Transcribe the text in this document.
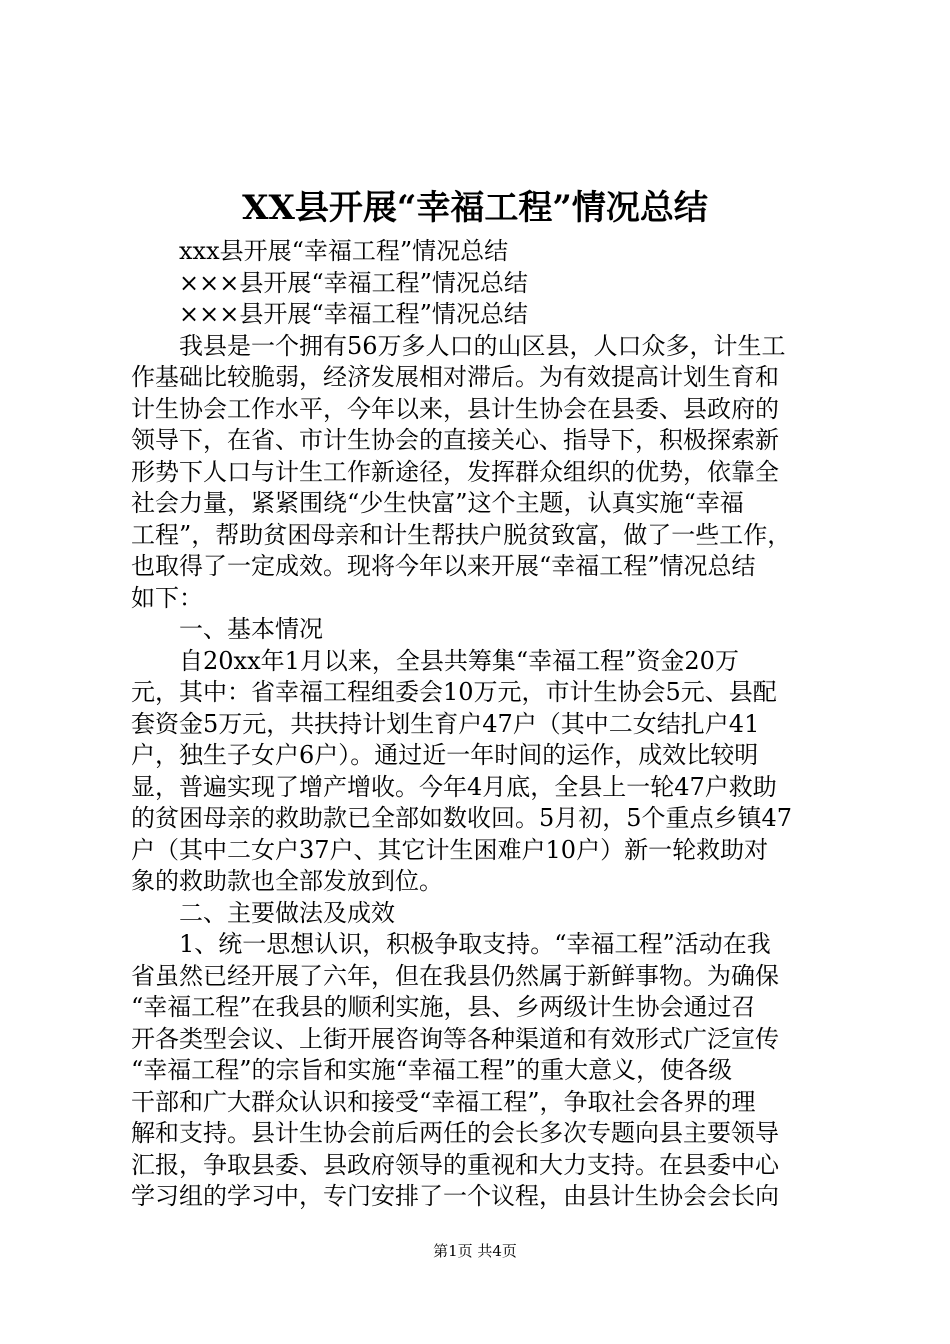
XX县开展“幸福工程”情况总结
　　xxx县开展“幸福工程”情况总结
　　×××县开展“幸福工程”情况总结
　　×××县开展“幸福工程”情况总结
　　我县是一个拥有56万多人口的山区县，人口众多，计生工
作基础比较脆弱，经济发展相对滞后。为有效提高计划生育和
计生协会工作水平，今年以来，县计生协会在县委、县政府的
领导下，在省、市计生协会的直接关心、指导下，积极探索新
形势下人口与计生工作新途径，发挥群众组织的优势，依靠全
社会力量，紧紧围绕“少生快富”这个主题，认真实施“幸福
工程”，帮助贫困母亲和计生帮扶户脱贫致富，做了一些工作，
也取得了一定成效。现将今年以来开展“幸福工程”情况总结
如下：
　　一、基本情况
　　自20xx年1月以来，全县共筹集“幸福工程”资金20万
元，其中：省幸福工程组委会10万元，市计生协会5元、县配
套资金5万元，共扶持计划生育户47户（其中二女结扎户41
户，独生子女户6户）。通过近一年时间的运作，成效比较明
显，普遍实现了增产增收。今年4月底，全县上一轮47户救助
的贫困母亲的救助款已全部如数收回。5月初，5个重点乡镇47
户（其中二女户37户、其它计生困难户10户）新一轮救助对
象的救助款也全部发放到位。
　　二、主要做法及成效
　　1、统一思想认识，积极争取支持。“幸福工程”活动在我
省虽然已经开展了六年，但在我县仍然属于新鲜事物。为确保
“幸福工程”在我县的顺利实施，县、乡两级计生协会通过召
开各类型会议、上街开展咨询等各种渠道和有效形式广泛宣传
“幸福工程”的宗旨和实施“幸福工程”的重大意义，使各级
干部和广大群众认识和接受“幸福工程”，争取社会各界的理
解和支持。县计生协会前后两任的会长多次专题向县主要领导
汇报，争取县委、县政府领导的重视和大力支持。在县委中心
学习组的学习中，专门安排了一个议程，由县计生协会会长向
第1页 共4页
